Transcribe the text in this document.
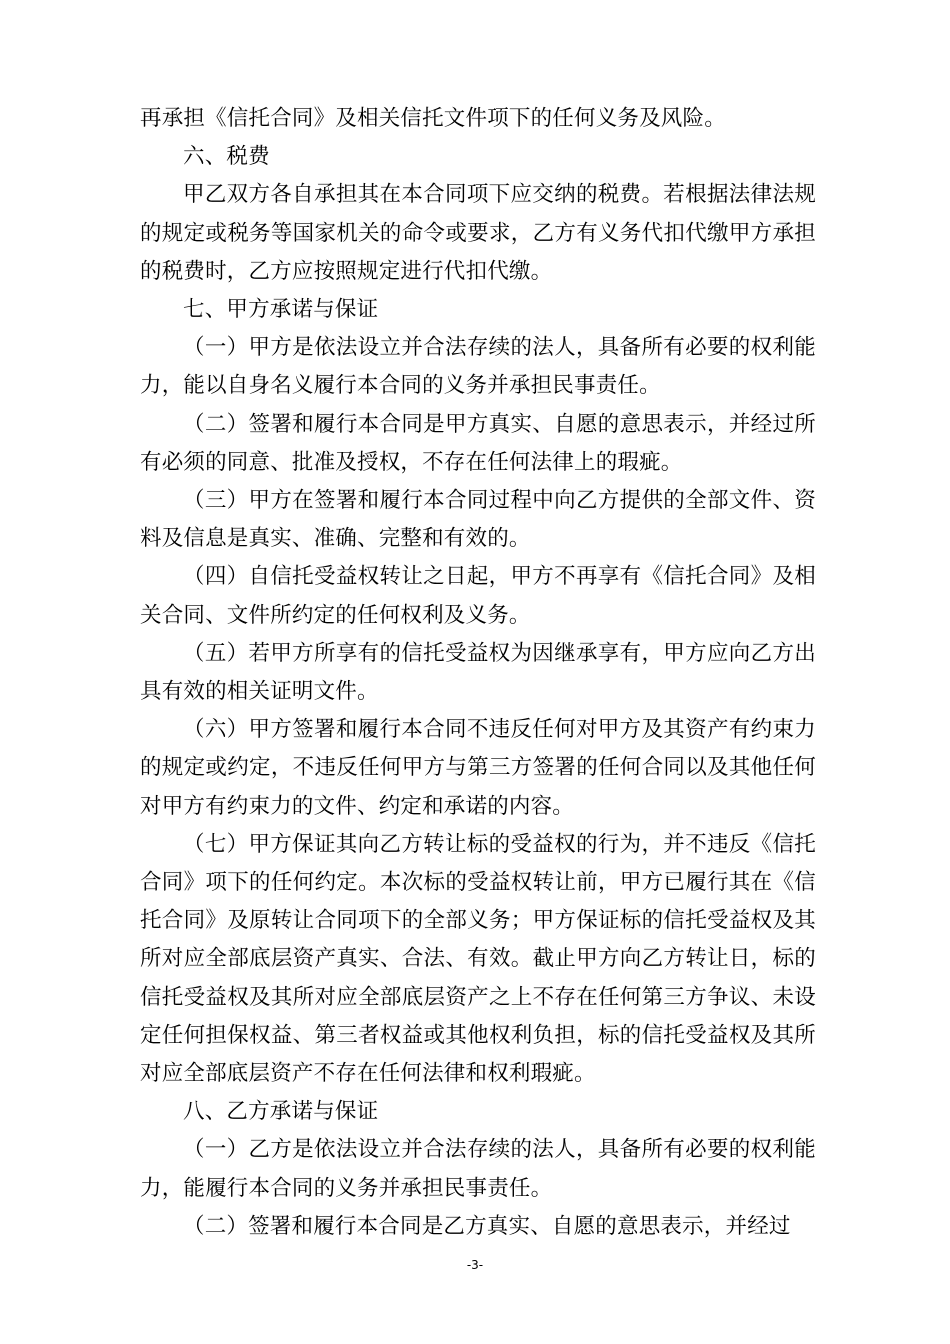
再承担《信托合同》及相关信托文件项下的任何义务及风险。

六、税费

甲乙双方各自承担其在本合同项下应交纳的税费。若根据法律法规的规定或税务等国家机关的命令或要求，乙方有义务代扣代缴甲方承担的税费时，乙方应按照规定进行代扣代缴。

七、甲方承诺与保证

（一）甲方是依法设立并合法存续的法人，具备所有必要的权利能力，能以自身名义履行本合同的义务并承担民事责任。

（二）签署和履行本合同是甲方真实、自愿的意思表示，并经过所有必须的同意、批准及授权，不存在任何法律上的瑕疵。

（三）甲方在签署和履行本合同过程中向乙方提供的全部文件、资料及信息是真实、准确、完整和有效的。

（四）自信托受益权转让之日起，甲方不再享有《信托合同》及相关合同、文件所约定的任何权利及义务。

（五）若甲方所享有的信托受益权为因继承享有，甲方应向乙方出具有效的相关证明文件。

（六）甲方签署和履行本合同不违反任何对甲方及其资产有约束力的规定或约定，不违反任何甲方与第三方签署的任何合同以及其他任何对甲方有约束力的文件、约定和承诺的内容。

（七）甲方保证其向乙方转让标的受益权的行为，并不违反《信托合同》项下的任何约定。本次标的受益权转让前，甲方已履行其在《信托合同》及原转让合同项下的全部义务；甲方保证标的信托受益权及其所对应全部底层资产真实、合法、有效。截止甲方向乙方转让日，标的信托受益权及其所对应全部底层资产之上不存在任何第三方争议、未设定任何担保权益、第三者权益或其他权利负担，标的信托受益权及其所对应全部底层资产不存在任何法律和权利瑕疵。

八、乙方承诺与保证

（一）乙方是依法设立并合法存续的法人，具备所有必要的权利能力，能履行本合同的义务并承担民事责任。

（二）签署和履行本合同是乙方真实、自愿的意思表示，并经过

-3-
